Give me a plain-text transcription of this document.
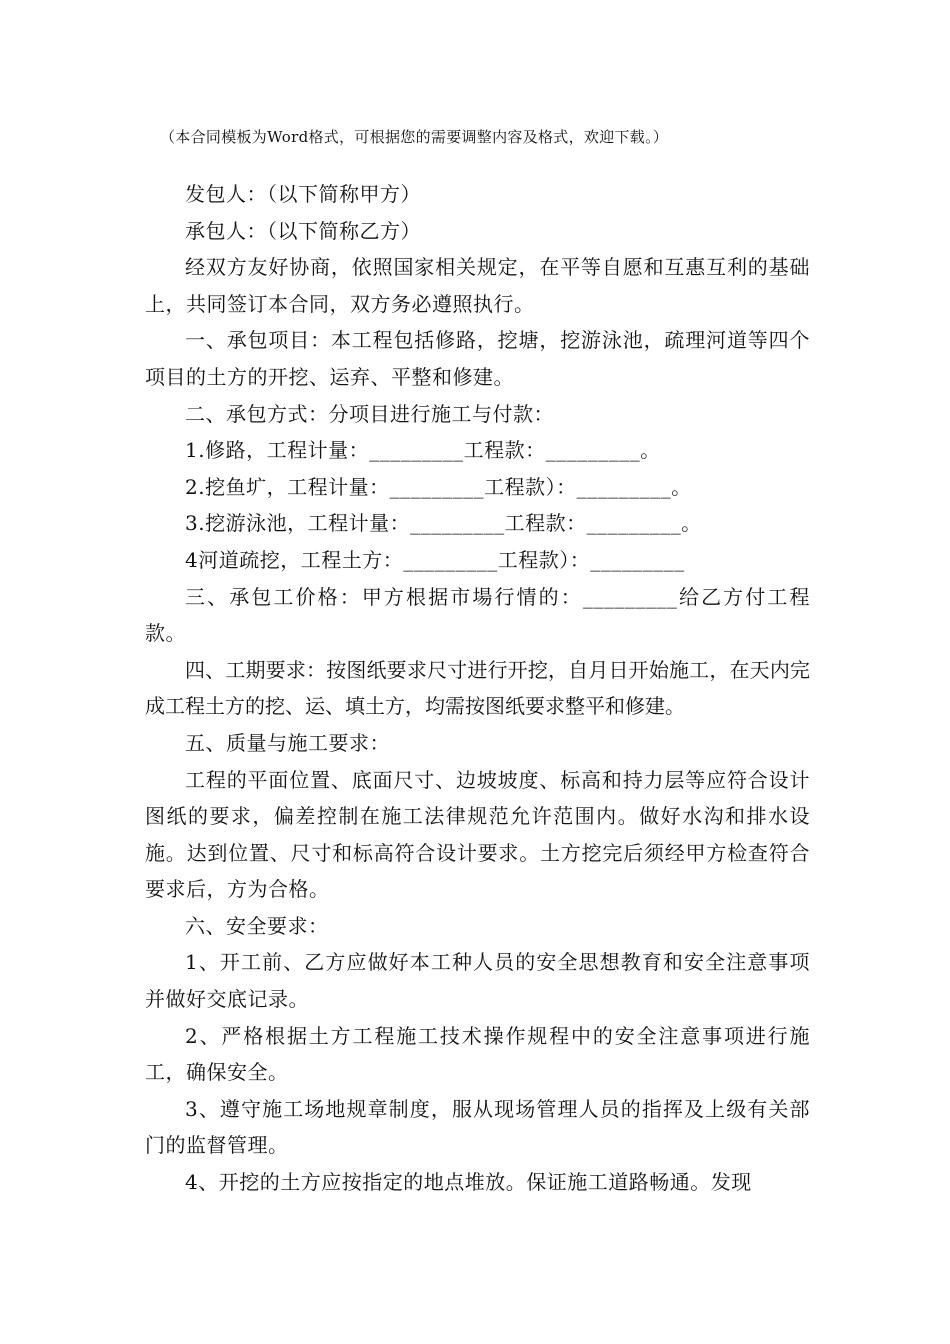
（本合同模板为Word格式，可根据您的需要调整内容及格式，欢迎下载。）

发包人：（以下简称甲方）

承包人：（以下简称乙方）

经双方友好协商，依照国家相关规定，在平等自愿和互惠互利的基础上，共同签订本合同，双方务必遵照执行。

一、承包项目：本工程包括修路，挖塘，挖游泳池，疏理河道等四个项目的土方的开挖、运弃、平整和修建。

二、承包方式：分项目进行施工与付款：

1.修路，工程计量：_________工程款：_________。

2.挖鱼圹，工程计量：_________工程款）：_________。

3.挖游泳池，工程计量：_________工程款：_________。

4河道疏挖，工程土方：_________工程款）：_________

三、承包工价格：甲方根据市場行情的：_________给乙方付工程款。

四、工期要求：按图纸要求尺寸进行开挖，自月日开始施工，在天内完成工程土方的挖、运、填土方，均需按图纸要求整平和修建。

五、质量与施工要求：

工程的平面位置、底面尺寸、边坡坡度、标高和持力层等应符合设计图纸的要求，偏差控制在施工法律规范允许范围内。做好水沟和排水设施。达到位置、尺寸和标高符合设计要求。土方挖完后须经甲方检查符合要求后，方为合格。

六、安全要求：

1、开工前、乙方应做好本工种人员的安全思想教育和安全注意事项并做好交底记录。

2、严格根据土方工程施工技术操作规程中的安全注意事项进行施工，确保安全。

3、遵守施工场地规章制度，服从现场管理人员的指挥及上级有关部门的监督管理。

4、开挖的土方应按指定的地点堆放。保证施工道路畅通。发现
